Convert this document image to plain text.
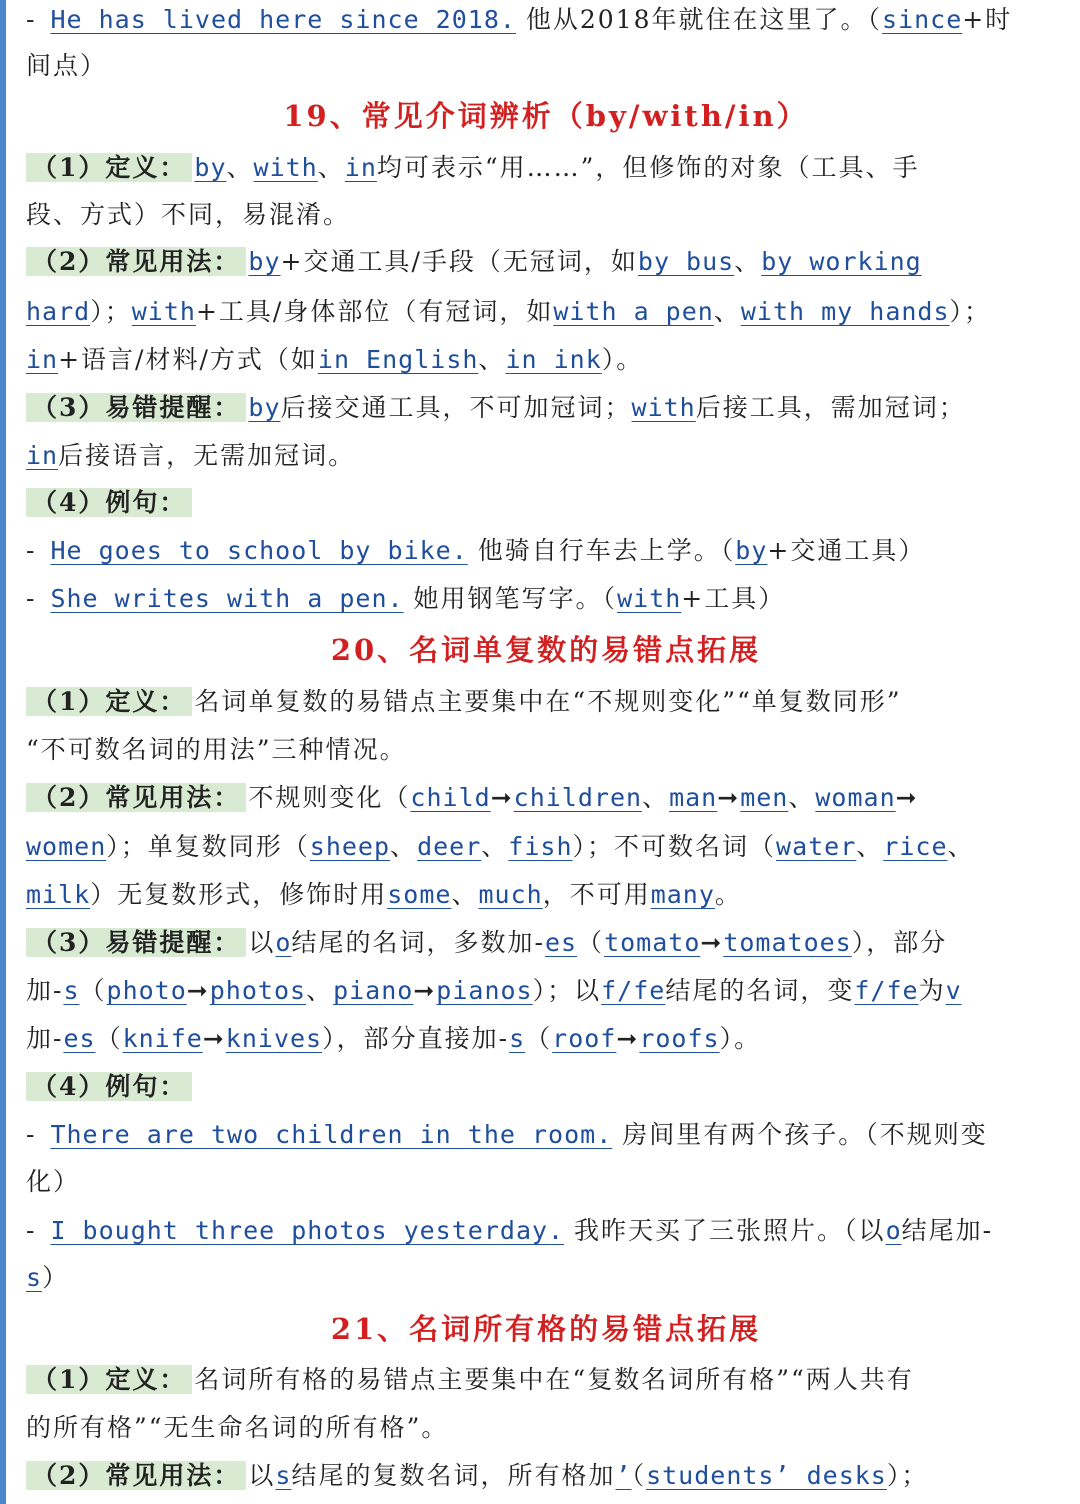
- He has lived here since 2018. 他从2018年就住在这里了。（since+时
间点）
19、常见介词辨析（by/with/in）
（1）定义： by、with、in均可表示“用……”，但修饰的对象（工具、手
段、方式）不同，易混淆。
（2）常见用法： by+交通工具/手段（无冠词，如by bus、by working
hard）；with+工具/身体部位（有冠词，如with a pen、with my hands）；
in+语言/材料/方式（如in English、in ink）。
（3）易错提醒： by后接交通工具，不可加冠词；with后接工具，需加冠词；
in后接语言，无需加冠词。
（4）例句：
- He goes to school by bike. 他骑自行车去上学。（by+交通工具）
- She writes with a pen. 她用钢笔写字。（with+工具）
20、名词单复数的易错点拓展
（1）定义： 名词单复数的易错点主要集中在“不规则变化”“单复数同形”
“不可数名词的用法”三种情况。
（2）常见用法： 不规则变化（child➞children、man➞men、woman➞
women）；单复数同形（sheep、deer、fish）；不可数名词（water、rice、
milk）无复数形式，修饰时用some、much，不可用many。
（3）易错提醒： 以o结尾的名词，多数加-es（tomato➞tomatoes），部分
加-s（photo➞photos、piano➞pianos）；以f/fe结尾的名词，变f/fe为v
加-es（knife➞knives），部分直接加-s（roof➞roofs）。
（4）例句：
- There are two children in the room. 房间里有两个孩子。（不规则变
化）
- I bought three photos yesterday. 我昨天买了三张照片。（以o结尾加-
s）
21、名词所有格的易错点拓展
（1）定义： 名词所有格的易错点主要集中在“复数名词所有格”“两人共有
的所有格”“无生命名词的所有格”。
（2）常见用法： 以s结尾的复数名词，所有格加’（students’ desks）；
